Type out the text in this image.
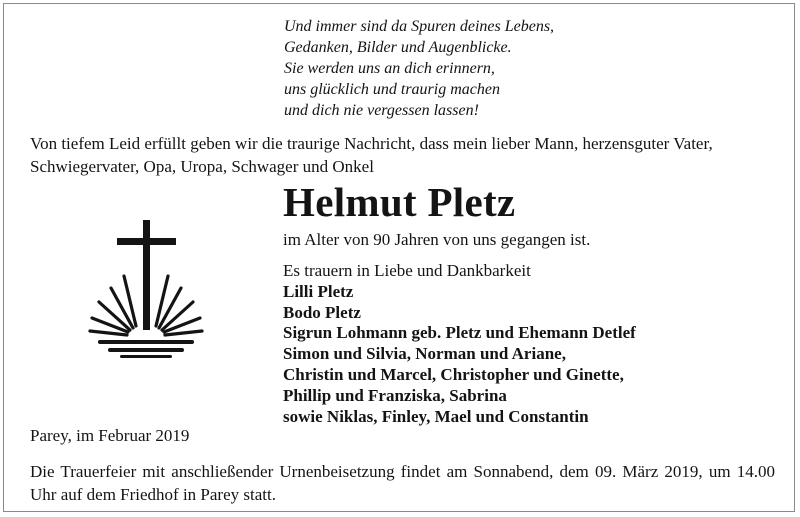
Und immer sind da Spuren deines Lebens,
Gedanken, Bilder und Augenblicke.
Sie werden uns an dich erinnern,
uns glücklich und traurig machen
und dich nie vergessen lassen!
Von tiefem Leid erfüllt geben wir die traurige Nachricht, dass mein lieber Mann, herzensguter Vater, Schwiegervater, Opa, Uropa, Schwager und Onkel
Helmut Pletz
im Alter von 90 Jahren von uns gegangen ist.
Es trauern in Liebe und Dankbarkeit
Lilli Pletz
Bodo Pletz
Sigrun Lohmann geb. Pletz und Ehemann Detlef
Simon und Silvia, Norman und Ariane,
Christin und Marcel, Christopher und Ginette,
Phillip und Franziska, Sabrina
sowie Niklas, Finley, Mael und Constantin
Parey, im Februar 2019
Die Trauerfeier mit anschließender Urnenbeisetzung findet am Sonnabend, dem 09. März 2019, um 14.00 Uhr auf dem Friedhof in Parey statt.
